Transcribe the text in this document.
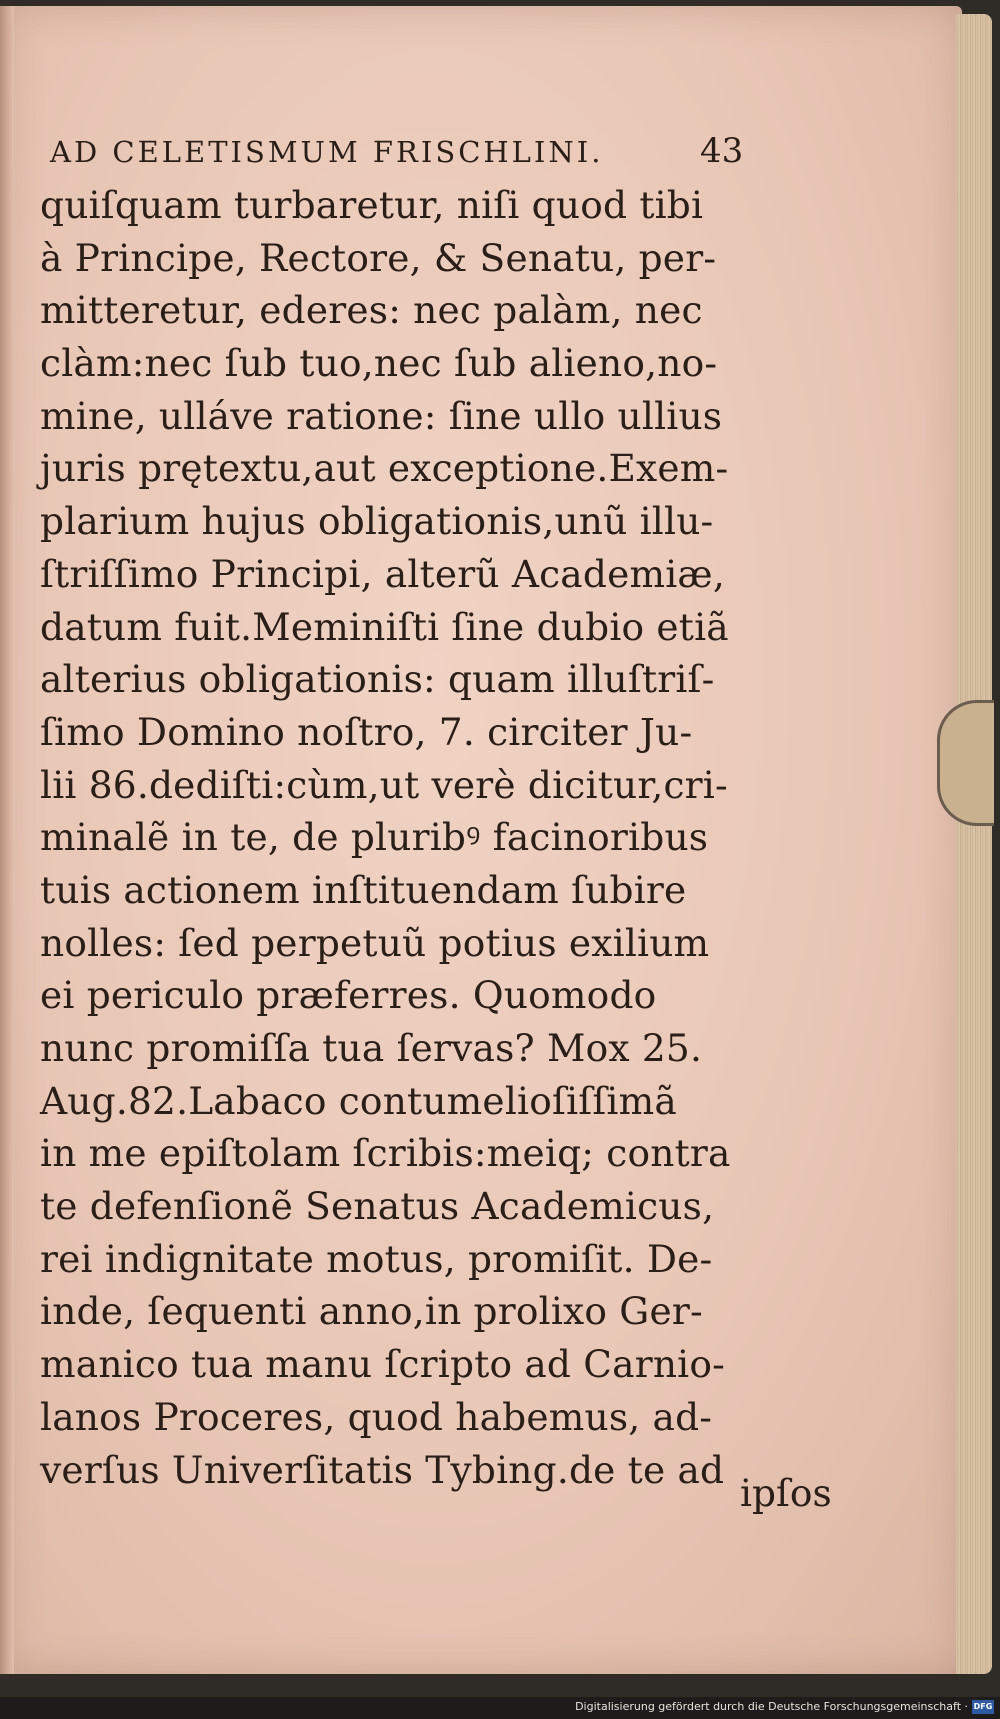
AD CELETISMUM FRISCHLINI.	43
quiſquam turbaretur, niſi quod tibi
à Principe, Rectore, & Senatu, per-
mitteretur, ederes: nec palàm, nec
clàm:nec ſub tuo,nec ſub alieno,no-
mine, ulláve ratione: ſine ullo ullius
juris prętextu,aut exceptione.Exem-
plarium hujus obligationis,unũ illu-
ſtriſſimo Principi, alterũ Academiæ,
datum fuit.Meminiſti ſine dubio etiã
alterius obligationis: quam illuſtriſ-
ſimo Domino noſtro, 7. circiter Ju-
lii 86.dediſti:cùm,ut verè dicitur,cri-
minalẽ in te, de pluribꝰ facinoribus
tuis actionem inſtituendam ſubire
nolles: ſed perpetuũ potius exilium
ei periculo præferres. Quomodo
nunc promiſſa tua ſervas? Mox 25.
Aug.82.Labaco contumelioſiſſimã
in me epiſtolam ſcribis:meiq; contra
te defenſionẽ Senatus Academicus,
rei indignitate motus, promiſit. De-
inde, ſequenti anno,in prolixo Ger-
manico tua manu ſcripto ad Carnio-
lanos Proceres, quod habemus, ad-
verſus Univerſitatis Tybing.de te ad
ipſos
Digitalisierung gefördert durch die Deutsche Forschungsgemeinschaft · DFG
